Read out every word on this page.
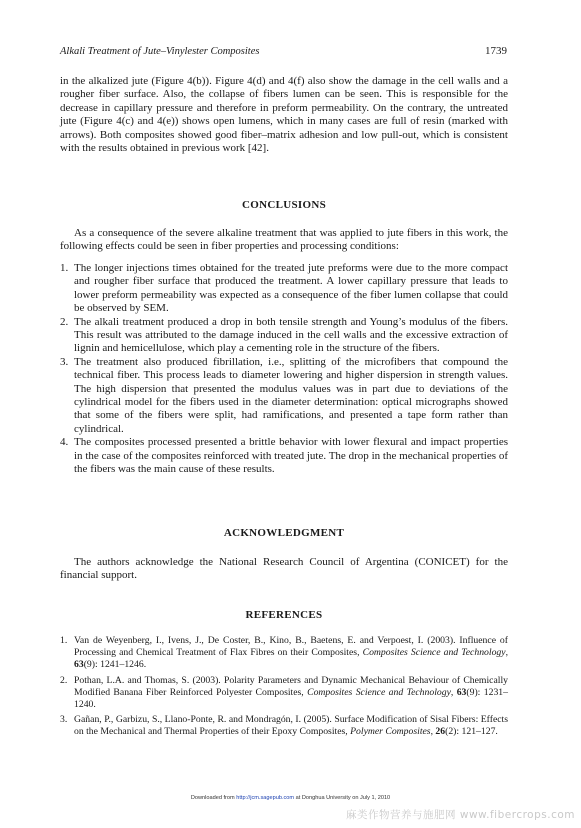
Alkali Treatment of Jute–Vinylester Composites	1739

in the alkalized jute (Figure 4(b)). Figure 4(d) and 4(f) also show the damage in the cell walls and a rougher fiber surface. Also, the collapse of fibers lumen can be seen. This is responsible for the decrease in capillary pressure and therefore in preform permeability. On the contrary, the untreated jute (Figure 4(c) and 4(e)) shows open lumens, which in many cases are full of resin (marked with arrows). Both composites showed good fiber–matrix adhesion and low pull-out, which is consistent with the results obtained in previous work [42].

CONCLUSIONS

As a consequence of the severe alkaline treatment that was applied to jute fibers in this work, the following effects could be seen in fiber properties and processing conditions:

1. The longer injections times obtained for the treated jute preforms were due to the more compact and rougher fiber surface that produced the treatment. A lower capillary pressure that leads to lower preform permeability was expected as a consequence of the fiber lumen collapse that could be observed by SEM.
2. The alkali treatment produced a drop in both tensile strength and Young’s modulus of the fibers. This result was attributed to the damage induced in the cell walls and the excessive extraction of lignin and hemicellulose, which play a cementing role in the structure of the fibers.
3. The treatment also produced fibrillation, i.e., splitting of the microfibers that compound the technical fiber. This process leads to diameter lowering and higher dispersion in strength values. The high dispersion that presented the modulus values was in part due to deviations of the cylindrical model for the fibers used in the diameter determination: optical micrographs showed that some of the fibers were split, had ramifications, and presented a tape form rather than cylindrical.
4. The composites processed presented a brittle behavior with lower flexural and impact properties in the case of the composites reinforced with treated jute. The drop in the mechanical properties of the fibers was the main cause of these results.
ACKNOWLEDGMENT

The authors acknowledge the National Research Council of Argentina (CONICET) for the financial support.

REFERENCES
1. Van de Weyenberg, I., Ivens, J., De Coster, B., Kino, B., Baetens, E. and Verpoest, I. (2003). Influence of Processing and Chemical Treatment of Flax Fibres on their Composites, Composites Science and Technology, 63(9): 1241–1246.
2. Pothan, L.A. and Thomas, S. (2003). Polarity Parameters and Dynamic Mechanical Behaviour of Chemically Modified Banana Fiber Reinforced Polyester Composites, Composites Science and Technology, 63(9): 1231–1240.
3. Gañan, P., Garbizu, S., Llano-Ponte, R. and Mondragón, I. (2005). Surface Modification of Sisal Fibers: Effects on the Mechanical and Thermal Properties of their Epoxy Composites, Polymer Composites, 26(2): 121–127.
Downloaded from http://jcm.sagepub.com at Donghua University on July 1, 2010
麻类作物营养与施肥网 www.fibercrops.com
